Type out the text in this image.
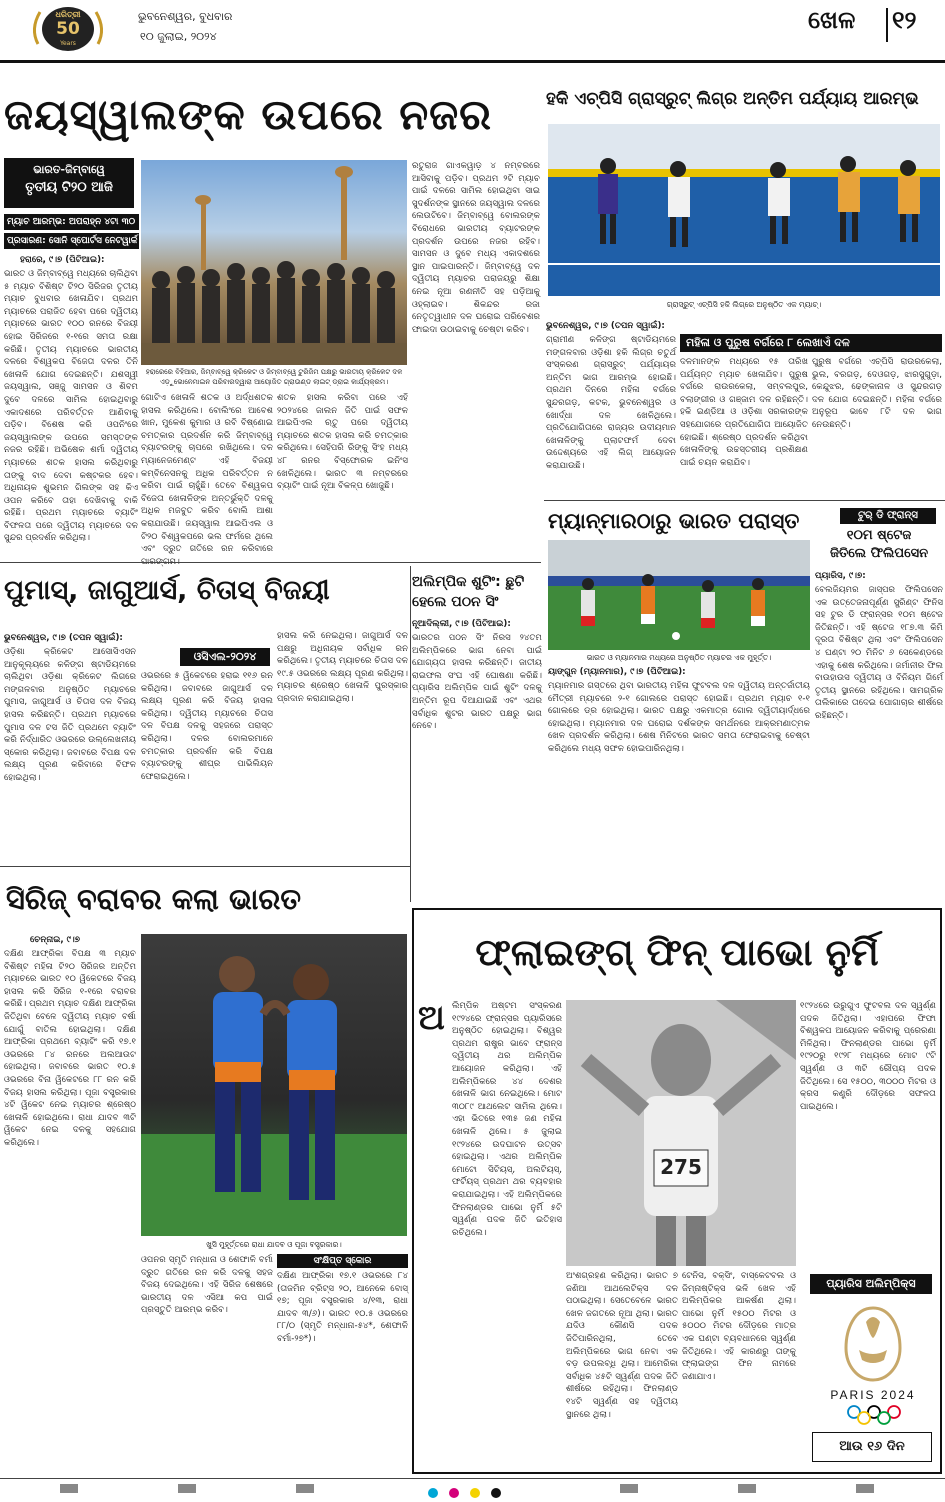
ଧରିତ୍ରୀ
50
Years
ଭୁବନେଶ୍ୱର, ବୁଧବାର
୧୦ ଜୁଲାଇ, ୨୦୨୪
ଖେଳ ୧୨
ଜୟସ୍ୱାଲଙ୍କ ଉପରେ ନଜର
ଭାରତ-ଜିମ୍ବାୱେ
ତୃତୀୟ ଟି୨୦ ଆଜି
ମ୍ୟାଚ ଆରମ୍ଭ: ଅପରାହ୍ନ ୪ଟା ୩୦
ପ୍ରସାରଣ: ସୋନି ସ୍ପୋର୍ଟସ ନେଟୱାର୍କ
ହରାରେ, ୯।୭ (ପିଟିଆଇ):
ଭାରତ ଓ ଜିମ୍ବାବ୍ୱେ ମଧ୍ୟରେ ଚାଲିଥିବା ୫ ମ୍ୟାଚ ବିଶିଷ୍ଟ ଟି୨୦ ସିରିଜର ତୃତୀୟ ମ୍ୟାଚ ବୁଧବାର ଖେଳାଯିବ। ପ୍ରଥମ ମ୍ୟାଚରେ ପରାଜିତ ହେବା ପରେ ଦ୍ୱିତୀୟ ମ୍ୟାଚରେ ଭାରତ ୧୦୦ ରନରେ ବିଜୟୀ ହୋଇ ସିରିଜରେ ୧-୧ରେ ସମତା ରକ୍ଷା କରିଛି। ତୃତୀୟ ମ୍ୟାଚରେ ଭାରତୀୟ ଦଳରେ ବିଶ୍ୱକପ ବିଜେତା ଦଳର ତିନି ଖେଳାଳି ଯୋଗ ଦେଇଛନ୍ତି। ଯଶସ୍ୱୀ ଜୟସ୍ୱାଲ, ସଞ୍ଜୁ ସାମସନ ଓ ଶିବମ ଦୁବେ ଦଳରେ ସାମିଲ ହୋଇଥିବାରୁ ଏକାଦଶରେ ପରିବର୍ତ୍ତନ ଆଣିବାକୁ ପଡ଼ିବ। ବିଶେଷ କରି ଓପନିଂରେ ଜୟସ୍ୱାଲଙ୍କ ଉପରେ ସମସ୍ତଙ୍କ ନଜର ରହିଛି। ଅଭିଷେକ ଶର୍ମା ଦ୍ୱିତୀୟ ମ୍ୟାଚରେ ଶତକ ହାସଲ କରିଥିବାରୁ ତାଙ୍କୁ ବାଦ ଦେବା କଷ୍ଟକର ହେବ। ଅଧିନାୟକ ଶୁଭମନ ଗିଲଙ୍କ ସହ କିଏ ଓପନ କରିବେ ତାହା ଦେଖିବାକୁ ବାକି ରହିଛି। ପ୍ରଥମ ମ୍ୟାଚରେ ବ୍ୟାଟିଂ ବିଫଳତା ପରେ ଦ୍ୱିତୀୟ ମ୍ୟାଚରେ ଦଳ ସୁନ୍ଦର ପ୍ରଦର୍ଶନ କରିଥିଲା।
ହରାରେରେ ବିହିଆର, ଜିମ୍ବାବ୍ୱେ କ୍ରିକେଟ ଓ ଜିମ୍ବାବ୍ୱେ ଟୁରିଜିମ ପକ୍ଷରୁ ଭାରତୀୟ କ୍ରିକେଟ ଦଳ ଏଡ଼ୁଭୋନେମାଇନ ପରିବାରଦ୍ୱାରା ଆୟୋଜିତ ଗ୍ରାଉଣ୍ଡ ଲାଇଟ୍ ଡ୍ରାଇ କାର୍ଯ୍ୟକ୍ରମ।
ରତୁରାଜ ଗାଏକୱାଡ଼ ୪ ନମ୍ବରରେ ଆସିବାକୁ ପଡ଼ିବ। ପ୍ରଥମ ୨ଟି ମ୍ୟାଚ ପାଇଁ ଦଳରେ ସାମିଲ ହୋଇଥିବା ସାଇ ସୁଦର୍ଶନଙ୍କ ସ୍ଥାନରେ ଜୟସ୍ୱାଲ ଦଳରେ ଲେଉଟିବେ। ଜିମ୍ବାବ୍ୱେ ବୋଲରଙ୍କ ବିରୋଧରେ ଭାରତୀୟ ବ୍ୟାଟରଙ୍କ ପ୍ରଦର୍ଶନ ଉପରେ ନଜର ରହିବ। ସାମସନ ଓ ଦୁବେ ମଧ୍ୟ ଏକାଦଶରେ ସ୍ଥାନ ପାଇପାରନ୍ତି। ଜିମ୍ବାବ୍ୱେ ଦଳ ଦ୍ୱିତୀୟ ମ୍ୟାଚର ପରାଜୟରୁ ଶିକ୍ଷା ନେଇ ନୂଆ ରଣନୀତି ସହ ପଡ଼ିଆକୁ ଓହ୍ଲାଇବ। ଶିକନ୍ଦର ରଜା ନେତୃତ୍ୱାଧୀନ ଦଳ ଘରୋଇ ପରିବେଶର ଫାଇଦା ଉଠାଇବାକୁ ଚେଷ୍ଟା କରିବ।
ଗୋଟିଏ ଖେଳାଳି ଶତକ ଓ ଅର୍ଦ୍ଧଶତକ ହାସଲ କରିଥିଲେ। ବୋଲିଂରେ ଆବେଶ ଖାନ, ମୁକେଶ କୁମାର ଓ ରବି ବିଷ୍ଣୋଇ ଚମତ୍କାର ପ୍ରଦର୍ଶନ କରି ଜିମ୍ବାବ୍ୱେ ବ୍ୟାଟରଙ୍କୁ ଚାପରେ ରଖିଥିଲେ। ଦଳ ମ୍ୟାନେଜମେଣ୍ଟ ଏହି ବିଜୟୀ କମ୍ବିନେସନକୁ ଅଧିକ ପରିବର୍ତ୍ତନ ନ କରିବା ପାଇଁ ଚାହୁଁଛି। ତେବେ ବିଶ୍ୱକପ ବିଜେତା ଖେଳାଳିଙ୍କ ଅନ୍ତର୍ଭୁକ୍ତି ଦଳକୁ ଅଧିକ ମଜବୁତ କରିବ ବୋଲି ଆଶା କରାଯାଉଛି। ଜୟସ୍ୱାଲ ଆଇପିଏଲ ଓ ଟି୨୦ ବିଶ୍ୱକପରେ ଭଲ ଫର୍ମରେ ଥିଲେ ଏବଂ ଦ୍ରୁତ ଗତିରେ ରନ କରିବାରେ
ଶତକ ହାସଲ କରିବା ପରେ ଏହି ୨୦୨୪ରେ ଜାଲନ ଜିତି ପାଇଁ ସଫଳ ଆଇପିଏଲ ଋତୁ ପରେ ଦ୍ୱିତୀୟ ମ୍ୟାଚରେ ଶତକ ହାସଲ କରି ଚମତ୍କାର କରିଥିଲେ। ସେହିପରି ରିଙ୍କୁ ସିଂହ ମଧ୍ୟ ୪୮ ରନର ବିସ୍ଫୋରକ ଇନିଂସ ଖେଳିଥିଲେ। ଭାରତ ୩ ନମ୍ବରରେ ବ୍ୟାଟିଂ ପାଇଁ ନୂଆ ବିକଳ୍ପ ଖୋଜୁଛି।
ହକି ଏଚ୍‌ପିସି ଗ୍ରାସ୍‌ରୁଟ୍ ଲିଗ୍‌ର ଅନ୍ତିମ ପର୍ଯ୍ୟାୟ ଆରମ୍ଭ
ଗ୍ରାସ୍‌ରୁଟ୍ ଏଚ୍‌ପିସି ହକି ଲିଗ୍‌ରେ ଅନୁଷ୍ଠିତ ଏକ ମ୍ୟାଚ୍‌।
ଭୁବନେଶ୍ୱର, ୯।୭ (ତପନ ସ୍ୱାଇଁ):
ମହିଳା ଓ ପୁରୁଷ ବର୍ଗରେ ୮ ଲେଖାଏଁ ଦଳ
ଗ୍ରାମୀଣ କଳିଙ୍ଗ ଷ୍ଟାଡିୟମରେ ମଙ୍ଗଳବାର ଓଡ଼ିଶା ହକି ଲିଗ୍‌ର ଚତୁର୍ଥ ସଂସ୍କରଣ ଗ୍ରାସ୍‌ରୁଟ୍ ପର୍ଯ୍ୟାୟର ଅନ୍ତିମ ଭାଗ ଆରମ୍ଭ ହୋଇଛି। ପ୍ରଥମ ଦିନରେ ମହିଳା ବର୍ଗରେ ସୁନ୍ଦରଗଡ଼, କଟକ, ଭୁବନେଶ୍ୱର ଓ ଖୋର୍ଦ୍ଧା ଦଳ ଖେଳିଥିଲେ। ପ୍ରତିଯୋଗିତାରେ ରାଜ୍ୟର ଉଦୀୟମାନ ଖେଳାଳିଙ୍କୁ ପ୍ଲାଟଫର୍ମ ଦେବା ଉଦ୍ଦେଶ୍ୟରେ ଏହି ଲିଗ୍ ଆୟୋଜନ କରାଯାଉଛି।
ଦଳମାନଙ୍କ ମଧ୍ୟରେ ୧୫ ତାରିଖ ପର୍ଯ୍ୟନ୍ତ ମ୍ୟାଚ ଖେଳାଯିବ। ପୁରୁଷ ବର୍ଗରେ ରାଉରକେଲା, ସମ୍ବଲପୁର, ବଲାଙ୍ଗୀର ଓ ଗଞ୍ଜାମ ଦଳ ରହିଛନ୍ତି। ହକି ଇଣ୍ଡିଆ ଓ ଓଡ଼ିଶା ସରକାରଙ୍କ ସହଯୋଗରେ ପ୍ରତିଯୋଗିତା ଆୟୋଜିତ ହୋଇଛି। ଶ୍ରେଷ୍ଠ ପ୍ରଦର୍ଶନ କରିଥିବା ଖେଳାଳିଙ୍କୁ ଉଚ୍ଚସ୍ତରୀୟ ପ୍ରଶିକ୍ଷଣ ପାଇଁ ଚୟନ କରାଯିବ।
ପୁରୁଷ ବର୍ଗରେ ଏଚ୍‌ପିସି ରାଉରକେଲା, ଭୁଲ, ବରଗଡ଼, ଦେଓଗଡ଼, ଝାରସୁଗୁଡ଼ା, କେନ୍ଦୁଝର, ଢେଙ୍କାନାଳ ଓ ସୁନ୍ଦରଗଡ଼ ଦଳ ଯୋଗ ଦେଇଛନ୍ତି। ମହିଳା ବର୍ଗରେ ଅନୁରୂପ ଭାବେ ୮ଟି ଦଳ ଭାଗ ନେଉଛନ୍ତି।
ମ୍ୟାନ୍‌ମାରଠାରୁ ଭାରତ ପରାସ୍ତ
ଭାରତ ଓ ମ୍ୟାନମାର ମଧ୍ୟରେ ଅନୁଷ୍ଠିତ ମ୍ୟାଚର ଏକ ମୁହୂର୍ତ୍ତ।
ୟାଙ୍ଗୁନ (ମ୍ୟାନମାର), ୯।୭ (ପିଟିଆଇ):
ମ୍ୟାନମାର ଗସ୍ତରେ ଥିବା ଭାରତୀୟ ମହିଳା ଫୁଟବଲ ଦଳ ଦ୍ୱିତୀୟ ଅନ୍ତର୍ଜାତୀୟ ମୈତ୍ରୀ ମ୍ୟାଚରେ ୨-୧ ଗୋଲରେ ପରାସ୍ତ ହୋଇଛି। ପ୍ରଥମ ମ୍ୟାଚ ୧-୧ ଗୋଲରେ ଡ୍ର ହୋଇଥିଲା। ଭାରତ ପକ୍ଷରୁ ଏକମାତ୍ର ଗୋଲ ଦ୍ୱିତୀୟାର୍ଦ୍ଧରେ ହୋଇଥିଲା। ମ୍ୟାନମାର ଦଳ ଘରୋଇ ଦର୍ଶକଙ୍କ ସମର୍ଥନରେ ଆକ୍ରମଣାତ୍ମକ ଖେଳ ପ୍ରଦର୍ଶନ କରିଥିଲା। ଶେଷ ମିନିଟରେ ଭାରତ ସମତା ଫେରାଇବାକୁ ଚେଷ୍ଟା କରିଥିଲେ ମଧ୍ୟ ସଫଳ ହୋଇପାରିନଥିଲା।
ଅଲିମ୍ପିକ ଶୁଟିଂ: ଛୁଟି
ହେଲେ ପଠନ ସିଂ
ନୂଆଦିଲ୍ଲୀ, ୯।୭ (ପିଟିଆଇ):
ଭାରତର ପଠନ ସିଂ ନିରସ ୨୪ତମ ଅଲିମ୍ପିକରେ ଭାଗ ନେବା ପାଇଁ ଯୋଗ୍ୟତା ହାସଲ କରିଛନ୍ତି। ଜାତୀୟ ରାଇଫଲ ସଂଘ ଏହି ଘୋଷଣା କରିଛି। ପ୍ୟାରିସ ଅଲିମ୍ପିକ ପାଇଁ ଶୁଟିଂ ଦଳକୁ ଅନ୍ତିମ ରୂପ ଦିଆଯାଇଛି ଏବଂ ଏଥର ସର୍ବାଧିକ ଶୁଟର ଭାରତ ପକ୍ଷରୁ ଭାଗ ନେବେ।
ଟୁର୍ ଡି ଫ୍ରାନ୍ସ
୧୦ମ ଷ୍ଟେଜ
ଜିତିଲେ ଫିଲିପସେନ
ପ୍ୟାରିସ, ୯।୭:
ବେଲଜିୟମର ଜାସ୍ପର ଫିଲିପସେନ ଏକ ଉତ୍ତେଜନାପୂର୍ଣ୍ଣ ସ୍ପ୍ରିଣ୍ଟ ଫିନିସ ସହ ଟୁର ଡି ଫ୍ରାନ୍ସର ୧୦ମ ଷ୍ଟେଜ ଜିତିଛନ୍ତି। ଏହି ଷ୍ଟେଜ ୧୮୭.୩ କିମି ଦୂରତା ବିଶିଷ୍ଟ ଥିଲା ଏବଂ ଫିଲିପସେନ ୪ ଘଣ୍ଟା ୨୦ ମିନିଟ ୬ ସେକେଣ୍ଡରେ ଏହାକୁ ଶେଷ କରିଥିଲେ। ଜର୍ମାନୀର ଫିଲ ବାଉହାଉସ ଦ୍ୱିତୀୟ ଓ ବିନିୟମ ଗିର୍ମେ ତୃତୀୟ ସ୍ଥାନରେ ରହିଥିଲେ। ସାମଗ୍ରିକ ତାଲିକାରେ ତାଦେଇ ପୋଗାଚାର ଶୀର୍ଷରେ ରହିଛନ୍ତି।
ପୁମାସ୍, ଜାଗୁଆର୍ସ, ଚିତାସ୍ ବିଜୟୀ
ଭୁବନେଶ୍ୱର, ୯।୭ (ତପନ ସ୍ୱାଇଁ):
ଓସିଏଲ-୨୦୨୪
ଓଡ଼ିଶା କ୍ରିକେଟ ଆସୋସିଏସନ ଆନୁକୂଲ୍ୟରେ କଳିଙ୍ଗ ଷ୍ଟାଡିୟମରେ ଚାଲିଥିବା ଓଡ଼ିଶା କ୍ରିକେଟ ଲିଗରେ ମଙ୍ଗଳବାର ଅନୁଷ୍ଠିତ ମ୍ୟାଚରେ ପୁମାସ, ଜାଗୁଆର୍ସ ଓ ଚିତାସ ଦଳ ବିଜୟ ହାସଲ କରିଛନ୍ତି। ପ୍ରଥମ ମ୍ୟାଚରେ ପୁମାସ ଦଳ ଟସ ଜିତି ପ୍ରଥମେ ବ୍ୟାଟିଂ କରି ନିର୍ଦ୍ଧାରିତ ଓଭରରେ ଉଲ୍ଲେଖନୀୟ ସ୍କୋର କରିଥିଲା। ଜବାବରେ ବିପକ୍ଷ ଦଳ ଲକ୍ଷ୍ୟ ପୂରଣ କରିବାରେ ବିଫଳ ହୋଇଥିଲା।
ଓଭରରେ ୫ ୱିକେଟରେ ହରାଇ ୧୧୬ ରନ କରିଥିଲା। ଜବାବରେ ଜାଗୁଆର୍ସ ଦଳ ଲକ୍ଷ୍ୟ ପୂରଣ କରି ବିଜୟ ହାସଲ କରିଥିଲା। ଦ୍ୱିତୀୟ ମ୍ୟାଚରେ ଚିତାସ ଦଳ ବିପକ୍ଷ ଦଳକୁ ସହଜରେ ପରାସ୍ତ କରିଥିଲା। ଦଳର ବୋଲରମାନେ ଚମତ୍କାର ପ୍ରଦର୍ଶନ କରି ବିପକ୍ଷ ବ୍ୟାଟରଙ୍କୁ ଶୀଘ୍ର ପାଭିଲିୟନ ଫେରାଇଥିଲେ।
ହାସଲ କରି ନେଇଥିଲା। ଜାଗୁଆର୍ସ ଦଳ ପକ୍ଷରୁ ଅଧିନାୟକ ସର୍ବାଧିକ ରନ କରିଥିଲେ। ତୃତୀୟ ମ୍ୟାଚରେ ଚିତାସ ଦଳ ୧୯.୫ ଓଭରରେ ଲକ୍ଷ୍ୟ ପୂରଣ କରିଥିଲା। ମ୍ୟାଚର ଶ୍ରେଷ୍ଠ ଖେଳାଳି ପୁରସ୍କାର ପ୍ରଦାନ କରାଯାଇଥିଲା।
ସିରିଜ୍ ବରାବର କଲା ଭାରତ
ଚେନ୍ନାଇ, ୯।୭
ଦକ୍ଷିଣ ଆଫ୍ରିକା ବିପକ୍ଷ ୩ ମ୍ୟାଚ ବିଶିଷ୍ଟ ମହିଳା ଟି୨୦ ସିରିଜର ଅନ୍ତିମ ମ୍ୟାଚରେ ଭାରତ ୧୦ ୱିକେଟରେ ବିଜୟ ହାସଲ କରି ସିରିଜ ୧-୧ରେ ବରାବର କରିଛି। ପ୍ରଥମ ମ୍ୟାଚ ଦକ୍ଷିଣ ଆଫ୍ରିକା ଜିତିଥିବା ବେଳେ ଦ୍ୱିତୀୟ ମ୍ୟାଚ ବର୍ଷା ଯୋଗୁଁ ବାତିଲ ହୋଇଥିଲା। ଦକ୍ଷିଣ ଆଫ୍ରିକା ପ୍ରଥମେ ବ୍ୟାଟିଂ କରି ୧୭.୧ ଓଭରରେ ୮୪ ରନରେ ଅଲଆଉଟ ହୋଇଥିଲା। ଜବାବରେ ଭାରତ ୧୦.୫ ଓଭରରେ ବିନା ୱିକେଟରେ ୮୮ ରନ କରି ବିଜୟ ହାସଲ କରିଥିଲା। ପୂଜା ବସ୍ତ୍ରକାର ୪ଟି ୱିକେଟ ନେଇ ମ୍ୟାଚର ଶ୍ରେଷ୍ଠ ଖେଳାଳି ହୋଇଥିଲେ। ରାଧା ଯାଦବ ୩ଟି ୱିକେଟ ନେଇ ଦଳକୁ ସହଯୋଗ କରିଥିଲେ।
ଖୁସି ମୁହୂର୍ତ୍ତରେ ରାଧା ଯାଦବ ଓ ପୂଜା ବସ୍ତ୍ରକାର।
ଓପନର ସ୍ମୃତି ମନ୍ଧାନା ଓ ଶେଫାଳି ବର୍ମା ଦ୍ରୁତ ଗତିରେ ରନ କରି ଦଳକୁ ସହଜ ବିଜୟ ଦେଇଥିଲେ। ଏହି ସିରିଜ ଶେଷରେ ଭାରତୀୟ ଦଳ ଏସିଆ କପ ପାଇଁ ପ୍ରସ୍ତୁତି ଆରମ୍ଭ କରିବ।
ସଂକ୍ଷିପ୍ତ ସ୍କୋର
ଦକ୍ଷିଣ ଆଫ୍ରିକା ୧୭.୧ ଓଭରରେ ୮୪ (ତାଜମିନ ବ୍ରିଟ୍ସ ୨୦, ଆନେକେ ବୋସ୍ ୧୭; ପୂଜା ବସ୍ତ୍ରକାର ୪/୧୩, ରାଧା ଯାଦବ ୩/୬)। ଭାରତ ୧୦.୫ ଓଭରରେ ୮୮/୦ (ସ୍ମୃତି ମନ୍ଧାନା-୫୪*, ଶେଫାଳି ବର୍ମା-୨୭*)।
ଫ୍ଲାଇଙ୍ଗ୍ ଫିନ୍ ପାଭୋ ନୁର୍ମି
ଅ ଲିମ୍ପିକ ଅଷ୍ଟମ ସଂସ୍କରଣ ୧୯୨୪ରେ ଫ୍ରାନ୍ସର ପ୍ୟାରିସରେ ଅନୁଷ୍ଠିତ ହୋଇଥିଲା। ବିଶ୍ୱର ପ୍ରଥମ ରାଷ୍ଟ୍ର ଭାବେ ଫ୍ରାନ୍ସ ଦ୍ୱିତୀୟ ଥର ଅଲିମ୍ପିକ ଆୟୋଜନ କରିଥିଲା। ଏହି ଅଲିମ୍ପିକରେ ୪୪ ଦେଶର ଖେଳାଳି ଭାଗ ନେଇଥିଲେ। ମୋଟ ୩୦୮୯ ଆଥଲେଟ ସାମିଲ ଥିଲେ। ଏହା ଭିତରେ ୧୩୫ ଜଣ ମହିଳା ଖେଳାଳି ଥିଲେ। ୫ ଜୁଲାଇ ୧୯୨୪ରେ ଉଦଘାଟନ ଉତ୍ସବ ହୋଇଥିଲା। ଏଥର ଅଲିମ୍ପିକ ମୋଟୋ ସିଟିୟସ୍, ଅଲଟିୟସ୍, ଫର୍ଟିୟସ୍ ପ୍ରଥମ ଥର ବ୍ୟବହାର କରାଯାଇଥିଲା। ଏହି ଅଲିମ୍ପିକରେ ଫିନଲାଣ୍ଡର ପାଭୋ ନୁର୍ମି ୫ଟି ସ୍ୱର୍ଣ୍ଣ ପଦକ ଜିତି ଇତିହାସ ରଚିଥିଲେ।
275
ଅଂଶଗ୍ରହଣ କରିଥିଲା। ଭାରତ ୭ ଜଣିଆ ଆଥଲେଟିକ୍ସ ଦଳ ପଠାଇଥିଲା। ସେତେବେଳେ ଭାରତ ଖେଳ ଜଗତରେ ନୂଆ ଥିଲା। ଭାରତ ଯଦିଓ କୌଣସି ପଦକ ଜିତିପାରିନଥିଲା, ତେବେ ଅଲିମ୍ପିକରେ ଭାଗ ନେବା ଏକ ବଡ଼ ଉପଲବ୍ଧି ଥିଲା। ଆମେରିକା ସର୍ବାଧିକ ୪୫ଟି ସ୍ୱର୍ଣ୍ଣ ପଦକ ଜିତି ଶୀର୍ଷରେ ରହିଥିଲା। ଫିନଲାଣ୍ଡ ୧୪ଟି ସ୍ୱର୍ଣ୍ଣ ସହ ଦ୍ୱିତୀୟ ସ୍ଥାନରେ ଥିଲା।
ଟେନିସ, ବକ୍ସିଂ, ବାସ୍କେଟବଲ ଓ ଜିମ୍ନାଷ୍ଟିକ୍ସ ଭଳି ଖେଳ ଏହି ଅଲିମ୍ପିକର ଆକର୍ଷଣ ଥିଲା। ପାଭୋ ନୁର୍ମି ୧୫୦୦ ମିଟର ଓ ୫୦୦୦ ମିଟର ଦୌଡ଼ରେ ମାତ୍ର ଏକ ଘଣ୍ଟା ବ୍ୟବଧାନରେ ସ୍ୱର୍ଣ୍ଣ ଜିତିଥିଲେ। ଏହି କାରଣରୁ ତାଙ୍କୁ ଫ୍ଲାଇଙ୍ଗ ଫିନ ନାମରେ ଜଣାଯାଏ।
୧୯୨୪ରେ ଉରୁଗୁଏ ଫୁଟବଲ ଦଳ ସ୍ୱର୍ଣ୍ଣ ପଦକ ଜିତିଥିଲା। ଏହାପରେ ଫିଫା ବିଶ୍ୱକପ ଆୟୋଜନ କରିବାକୁ ପ୍ରେରଣା ମିଳିଥିଲା। ଫିନଲାଣ୍ଡର ପାଭୋ ନୁର୍ମି ୧୯୨୦ରୁ ୧୯୨୮ ମଧ୍ୟରେ ମୋଟ ୯ଟି ସ୍ୱର୍ଣ୍ଣ ଓ ୩ଟି ରୌପ୍ୟ ପଦକ ଜିତିଥିଲେ। ସେ ୧୫୦୦, ୩୦୦୦ ମିଟର ଓ କ୍ରସ କଣ୍ଟ୍ରି ଦୌଡ଼ରେ ସଫଳତା ପାଇଥିଲେ।
ପ୍ୟାରିସ ଅଲିମ୍ପିକ୍ସ
PARIS 2024
ଆଉ ୧୬ ଦିନ
